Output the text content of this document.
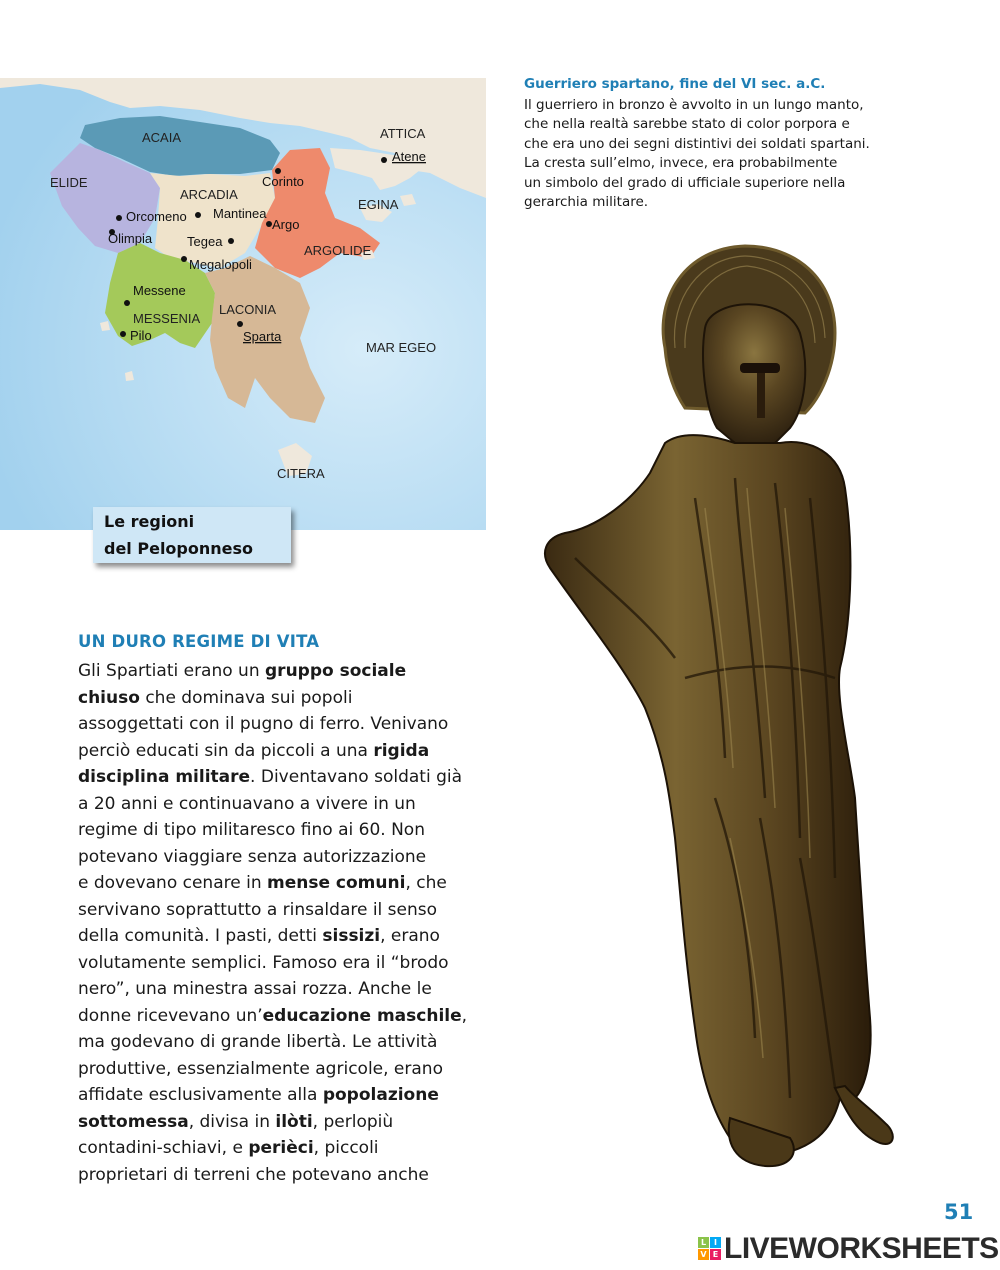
ACAIA	ATTICA
ELIDE
ARCADIA
EGINA
ARGOLIDE
MESSENIA
LACONIA
MAR EGEO
CITERA
Atene
Corinto
Orcomeno Mantinea
Argo
Olimpia	Tegea
Megalopoli
Messene
Pilo	Sparta
Le regioni
del Peloponneso
Guerriero spartano, fine del VI sec. a.C.
Il guerriero in bronzo è avvolto in un lungo manto,
che nella realtà sarebbe stato di color porpora e
che era uno dei segni distintivi dei soldati spartani.
La cresta sull’elmo, invece, era probabilmente
un simbolo del grado di ufficiale superiore nella
gerarchia militare.
UN DURO REGIME DI VITA
Gli Spartiati erano un gruppo sociale
chiuso che dominava sui popoli
assoggettati con il pugno di ferro. Venivano
perciò educati sin da piccoli a una rigida
disciplina militare. Diventavano soldati già
a 20 anni e continuavano a vivere in un
regime di tipo militaresco fino ai 60. Non
potevano viaggiare senza autorizzazione
e dovevano cenare in mense comuni, che
servivano soprattutto a rinsaldare il senso
della comunità. I pasti, detti sissizi, erano
volutamente semplici. Famoso era il “brodo
nero”, una minestra assai rozza. Anche le
donne ricevevano un’educazione maschile,
ma godevano di grande libertà. Le attività
produttive, essenzialmente agricole, erano
affidate esclusivamente alla popolazione
sottomessa, divisa in ilòti, perlopiù
contadini-schiavi, e perièci, piccoli
proprietari di terreni che potevano anche
51
L I
V E LIVEWORKSHEETS
